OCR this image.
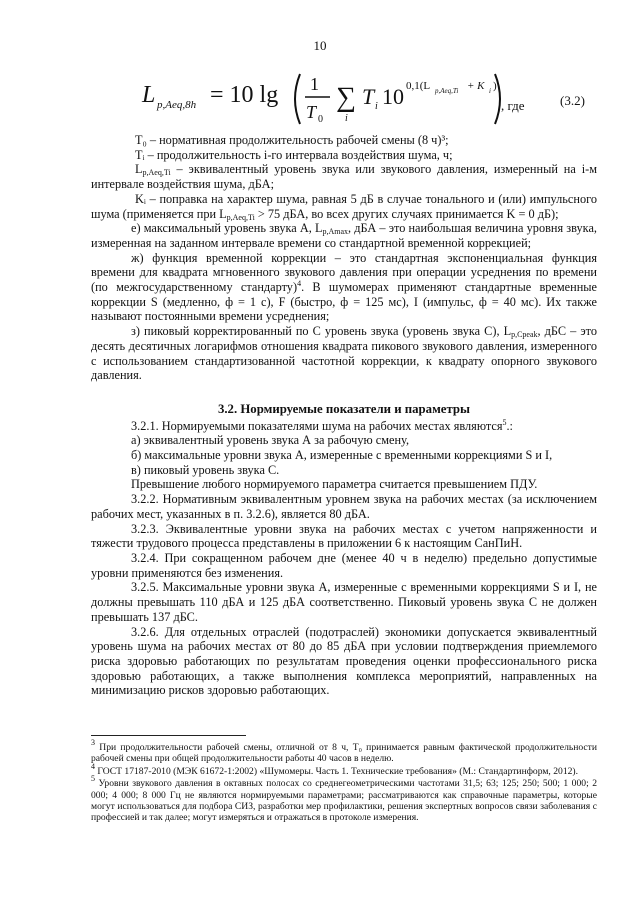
10
L p,Aeq,8h = 10 lg 1
T 0
∑
i
T i 10 0,1(L p,Aeq,Ti + K i )
, где	(3.2)

T₀ – нормативная продолжительность рабочей смены (8 ч)³;

Tᵢ – продолжительность i-го интервала воздействия шума, ч;

$L_{p,Aeq,Ti}$ – эквивалентный уровень звука или звукового давления, измеренный на i-м интервале воздействия шума, дБА;

Kᵢ – поправка на характер шума, равная 5 дБ в случае тонального и (или) импульсного шума (применяется при $L_{p,Aeq,Ti} > 75$ дБА, во всех других случаях принимается K = 0 дБ);

е) максимальный уровень звука А, $L_{p,Amax}$, дБА – это наибольшая величина уровня звука, измеренная на заданном интервале времени со стандартной временной коррекцией;

ж) функция временной коррекции – это стандартная экспоненциальная функция времени для квадрата мгновенного звукового давления при операции усреднения по времени (по межгосударственному стандарту)$^4$. В шумомерах применяют стандартные временные коррекции S (медленно, ф = 1 с), F (быстро, ф = 125 мс), I (импульс, ф = 40 мс). Их также называют постоянными времени усреднения;

з) пиковый корректированный по С уровень звука (уровень звука С), $L_{p,Cpeak}$, дБС – это десять десятичных логарифмов отношения квадрата пикового звукового давления, измеренного с использованием стандартизованной частотной коррекции, к квадрату опорного звукового давления.

3.2. Нормируемые показатели и параметры

3.2.1. Нормируемыми показателями шума на рабочих местах являются$^5$.:

а) эквивалентный уровень звука А за рабочую смену,

б) максимальные уровни звука А, измеренные с временными коррекциями S и I,

в) пиковый уровень звука С.

Превышение любого нормируемого параметра считается превышением ПДУ.

3.2.2. Нормативным эквивалентным уровнем звука на рабочих местах (за исключением рабочих мест, указанных в п. 3.2.6), является 80 дБА.

3.2.3. Эквивалентные уровни звука на рабочих местах с учетом напряженности и тяжести трудового процесса представлены в приложении 6 к настоящим СанПиН.

3.2.4. При сокращенном рабочем дне (менее 40 ч в неделю) предельно допустимые уровни применяются без изменения.

3.2.5. Максимальные уровни звука А, измеренные с временными коррекциями S и I, не должны превышать 110 дБА и 125 дБА соответственно. Пиковый уровень звука С не должен превышать 137 дБС.

3.2.6. Для отдельных отраслей (подотраслей) экономики допускается эквивалентный уровень шума на рабочих местах от 80 до 85 дБА при условии подтверждения приемлемого риска здоровью работающих по результатам проведения оценки профессионального риска здоровью работающих, а также выполнения комплекса мероприятий, направленных на минимизацию рисков здоровью работающих.

$^3$ При продолжительности рабочей смены, отличной от 8 ч, T₀ принимается равным фактической продолжительности рабочей смены при общей продолжительности работы 40 часов в неделю.

$^4$ ГОСТ 17187-2010 (МЭК 61672-1:2002) «Шумомеры. Часть 1. Технические требования» (М.: Стандартинформ, 2012).

$^5$ Уровни звукового давления в октавных полосах со среднегеометрическими частотами 31,5; 63; 125; 250; 500; 1 000; 2 000; 4 000; 8 000 Гц не являются нормируемыми параметрами; рассматриваются как справочные параметры, которые могут использоваться для подбора СИЗ, разработки мер профилактики, решения экспертных вопросов связи заболевания с профессией и так далее; могут измеряться и отражаться в протоколе измерения.
